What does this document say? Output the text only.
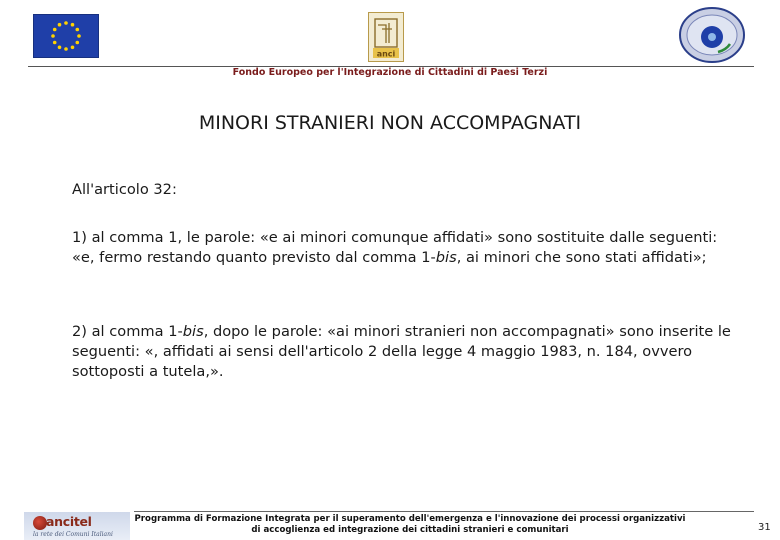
anci
Fondo Europeo per l'Integrazione di Cittadini di Paesi Terzi
MINORI STRANIERI NON ACCOMPAGNATI
All'articolo 32:
1) al comma 1, le parole: «e ai minori comunque affidati» sono sostituite dalle seguenti: «e, fermo restando quanto previsto dal comma 1-bis, ai minori che sono stati affidati»;
2) al comma 1-bis, dopo le parole: «ai minori stranieri non accompagnati» sono inserite le seguenti: «, affidati ai sensi dell'articolo 2 della legge 4 maggio 1983, n. 184, ovvero sottoposti a tutela,».
ancitel
la rete dei Comuni Italiani
Programma di Formazione Integrata per il superamento dell'emergenza e l'innovazione dei processi organizzativi di accoglienza ed integrazione dei cittadini stranieri e comunitari	31
